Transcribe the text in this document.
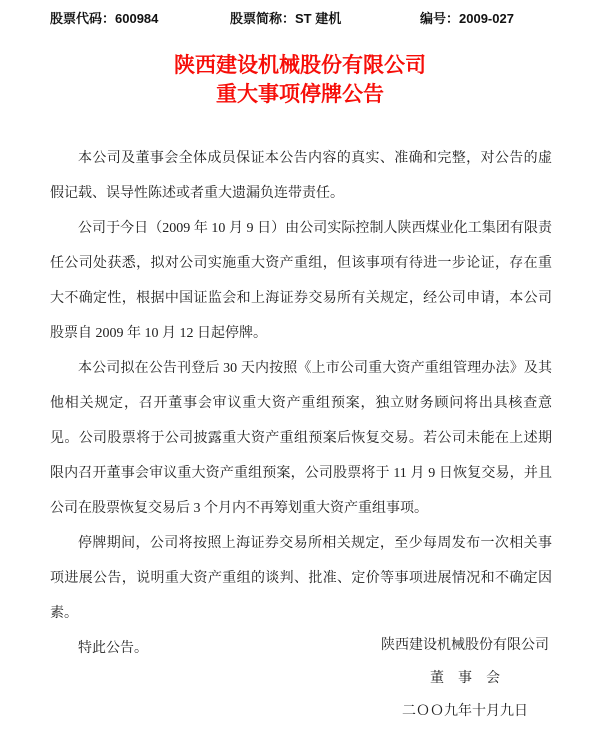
股票代码：600984	股票简称：ST 建机	编号：2009-027
陕西建设机械股份有限公司
重大事项停牌公告

本公司及董事会全体成员保证本公告内容的真实、准确和完整，对公告的虚假记载、误导性陈述或者重大遗漏负连带责任。

公司于今日（2009 年 10 月 9 日）由公司实际控制人陕西煤业化工集团有限责任公司处获悉，拟对公司实施重大资产重组，但该事项有待进一步论证，存在重大不确定性，根据中国证监会和上海证券交易所有关规定，经公司申请，本公司股票自 2009 年 10 月 12 日起停牌。

本公司拟在公告刊登后 30 天内按照《上市公司重大资产重组管理办法》及其他相关规定，召开董事会审议重大资产重组预案，独立财务顾问将出具核查意见。公司股票将于公司披露重大资产重组预案后恢复交易。若公司未能在上述期限内召开董事会审议重大资产重组预案，公司股票将于 11 月 9 日恢复交易，并且公司在股票恢复交易后 3 个月内不再筹划重大资产重组事项。

停牌期间，公司将按照上海证券交易所相关规定，至少每周发布一次相关事项进展公告，说明重大资产重组的谈判、批准、定价等事项进展情况和不确定因素。

特此公告。	陕西建设机械股份有限公司
董　事　会
二ＯＯ九年十月九日
